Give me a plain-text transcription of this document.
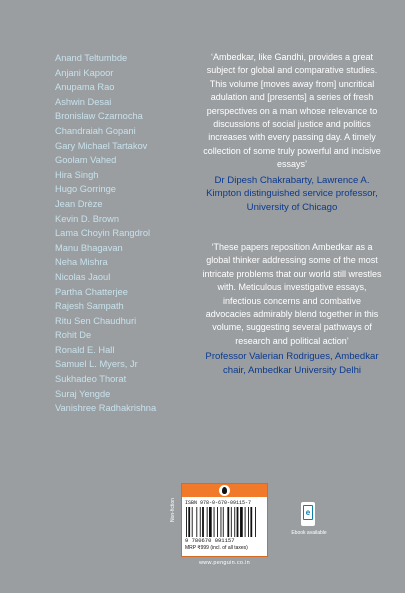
Anand Teltumbde
Anjani Kapoor
Anupama Rao
Ashwin Desai
Bronislaw Czarnocha
Chandraiah Gopani
Gary Michael Tartakov
Goolam Vahed
Hira Singh
Hugo Gorringe
Jean Drèze
Kevin D. Brown
Lama Choyin Rangdrol
Manu Bhagavan
Neha Mishra
Nicolas Jaoul
Partha Chatterjee
Rajesh Sampath
Ritu Sen Chaudhuri
Rohit De
Ronald E. Hall
Samuel L. Myers, Jr
Sukhadeo Thorat
Suraj Yengde
Vanishree Radhakrishna

‘Ambedkar, like Gandhi, provides a great subject for global and comparative studies. This volume [moves away from] uncritical adulation and [presents] a series of fresh perspectives on a man whose relevance to discussions of social justice and politics increases with every passing day. A timely collection of some truly powerful and incisive essays’

Dr Dipesh Chakrabarty, Lawrence A. Kimpton distinguished service professor, University of Chicago

‘These papers reposition Ambedkar as a global thinker addressing some of the most intricate problems that our world still wrestles with. Meticulous investigative essays, infectious concerns and combative advocacies admirably blend together in this volume, suggesting several pathways of research and political action’

Professor Valerian Rodrigues, Ambedkar chair, Ambedkar University Delhi

Non-fiction ISBN 978-0-670-09115-7
9 780670 091157
MRP ₹999 (incl. of all taxes)
www.penguin.co.in
e
Ebook available
